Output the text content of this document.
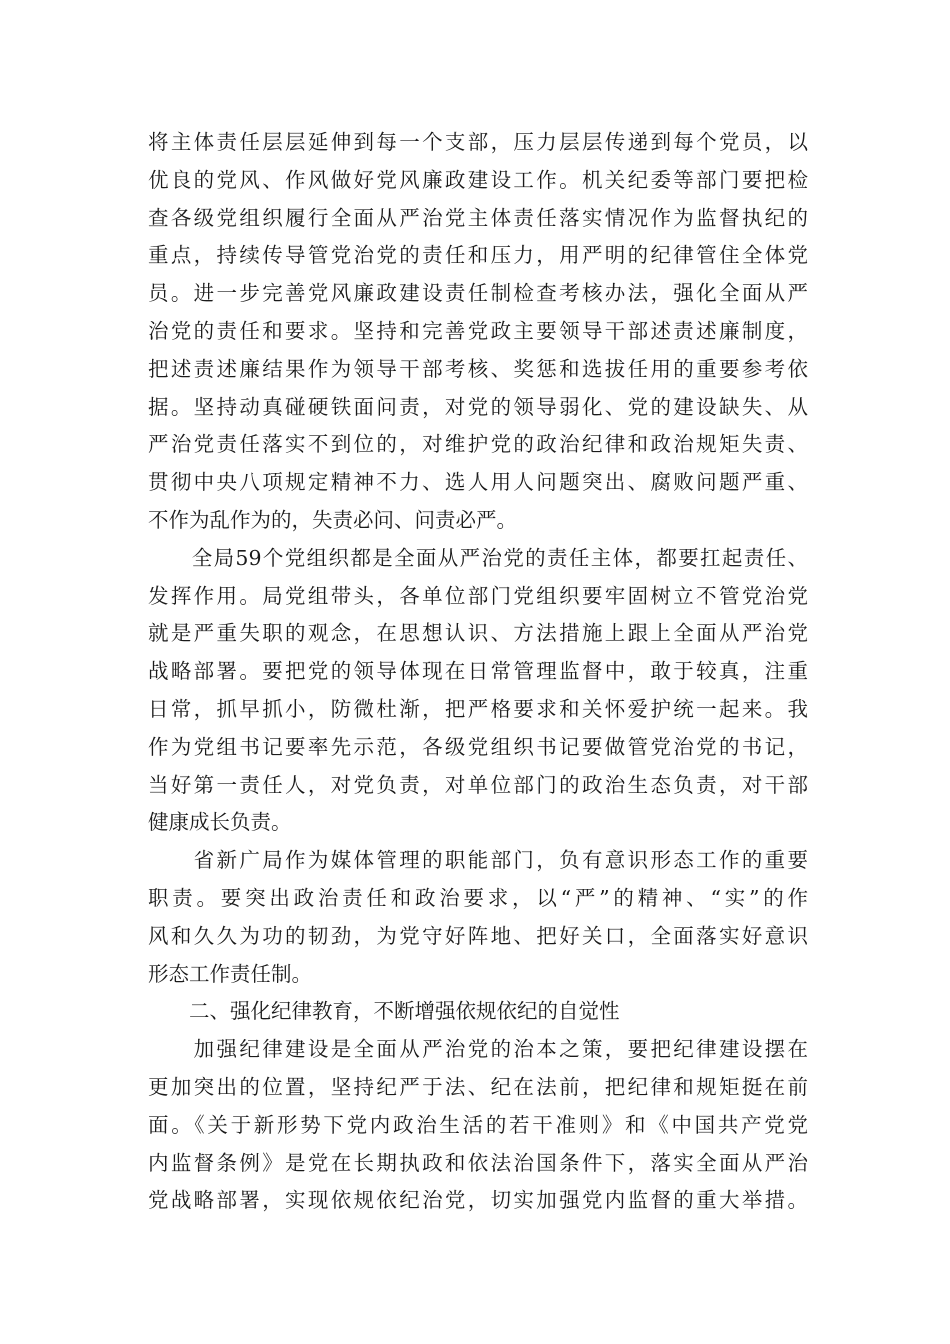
将主体责任层层延伸到每一个支部，压力层层传递到每个党员，以
优良的党风、作风做好党风廉政建设工作。机关纪委等部门要把检
查各级党组织履行全面从严治党主体责任落实情况作为监督执纪的
重点，持续传导管党治党的责任和压力，用严明的纪律管住全体党
员。进一步完善党风廉政建设责任制检查考核办法，强化全面从严
治党的责任和要求。坚持和完善党政主要领导干部述责述廉制度，
把述责述廉结果作为领导干部考核、奖惩和选拔任用的重要参考依
据。坚持动真碰硬铁面问责，对党的领导弱化、党的建设缺失、从
严治党责任落实不到位的，对维护党的政治纪律和政治规矩失责、
贯彻中央八项规定精神不力、选人用人问题突出、腐败问题严重、
不作为乱作为的，失责必问、问责必严。
　　全局59个党组织都是全面从严治党的责任主体，都要扛起责任、
发挥作用。局党组带头，各单位部门党组织要牢固树立不管党治党
就是严重失职的观念，在思想认识、方法措施上跟上全面从严治党
战略部署。要把党的领导体现在日常管理监督中，敢于较真，注重
日常，抓早抓小，防微杜渐，把严格要求和关怀爱护统一起来。我
作为党组书记要率先示范，各级党组织书记要做管党治党的书记，
当好第一责任人，对党负责，对单位部门的政治生态负责，对干部
健康成长负责。
　　省新广局作为媒体管理的职能部门，负有意识形态工作的重要
职责。要突出政治责任和政治要求，以“严”的精神、“实”的作
风和久久为功的韧劲，为党守好阵地、把好关口，全面落实好意识
形态工作责任制。
　　二、强化纪律教育，不断增强依规依纪的自觉性
　　加强纪律建设是全面从严治党的治本之策，要把纪律建设摆在
更加突出的位置，坚持纪严于法、纪在法前，把纪律和规矩挺在前
面。《关于新形势下党内政治生活的若干准则》和《中国共产党党
内监督条例》是党在长期执政和依法治国条件下，落实全面从严治
党战略部署，实现依规依纪治党，切实加强党内监督的重大举措。
